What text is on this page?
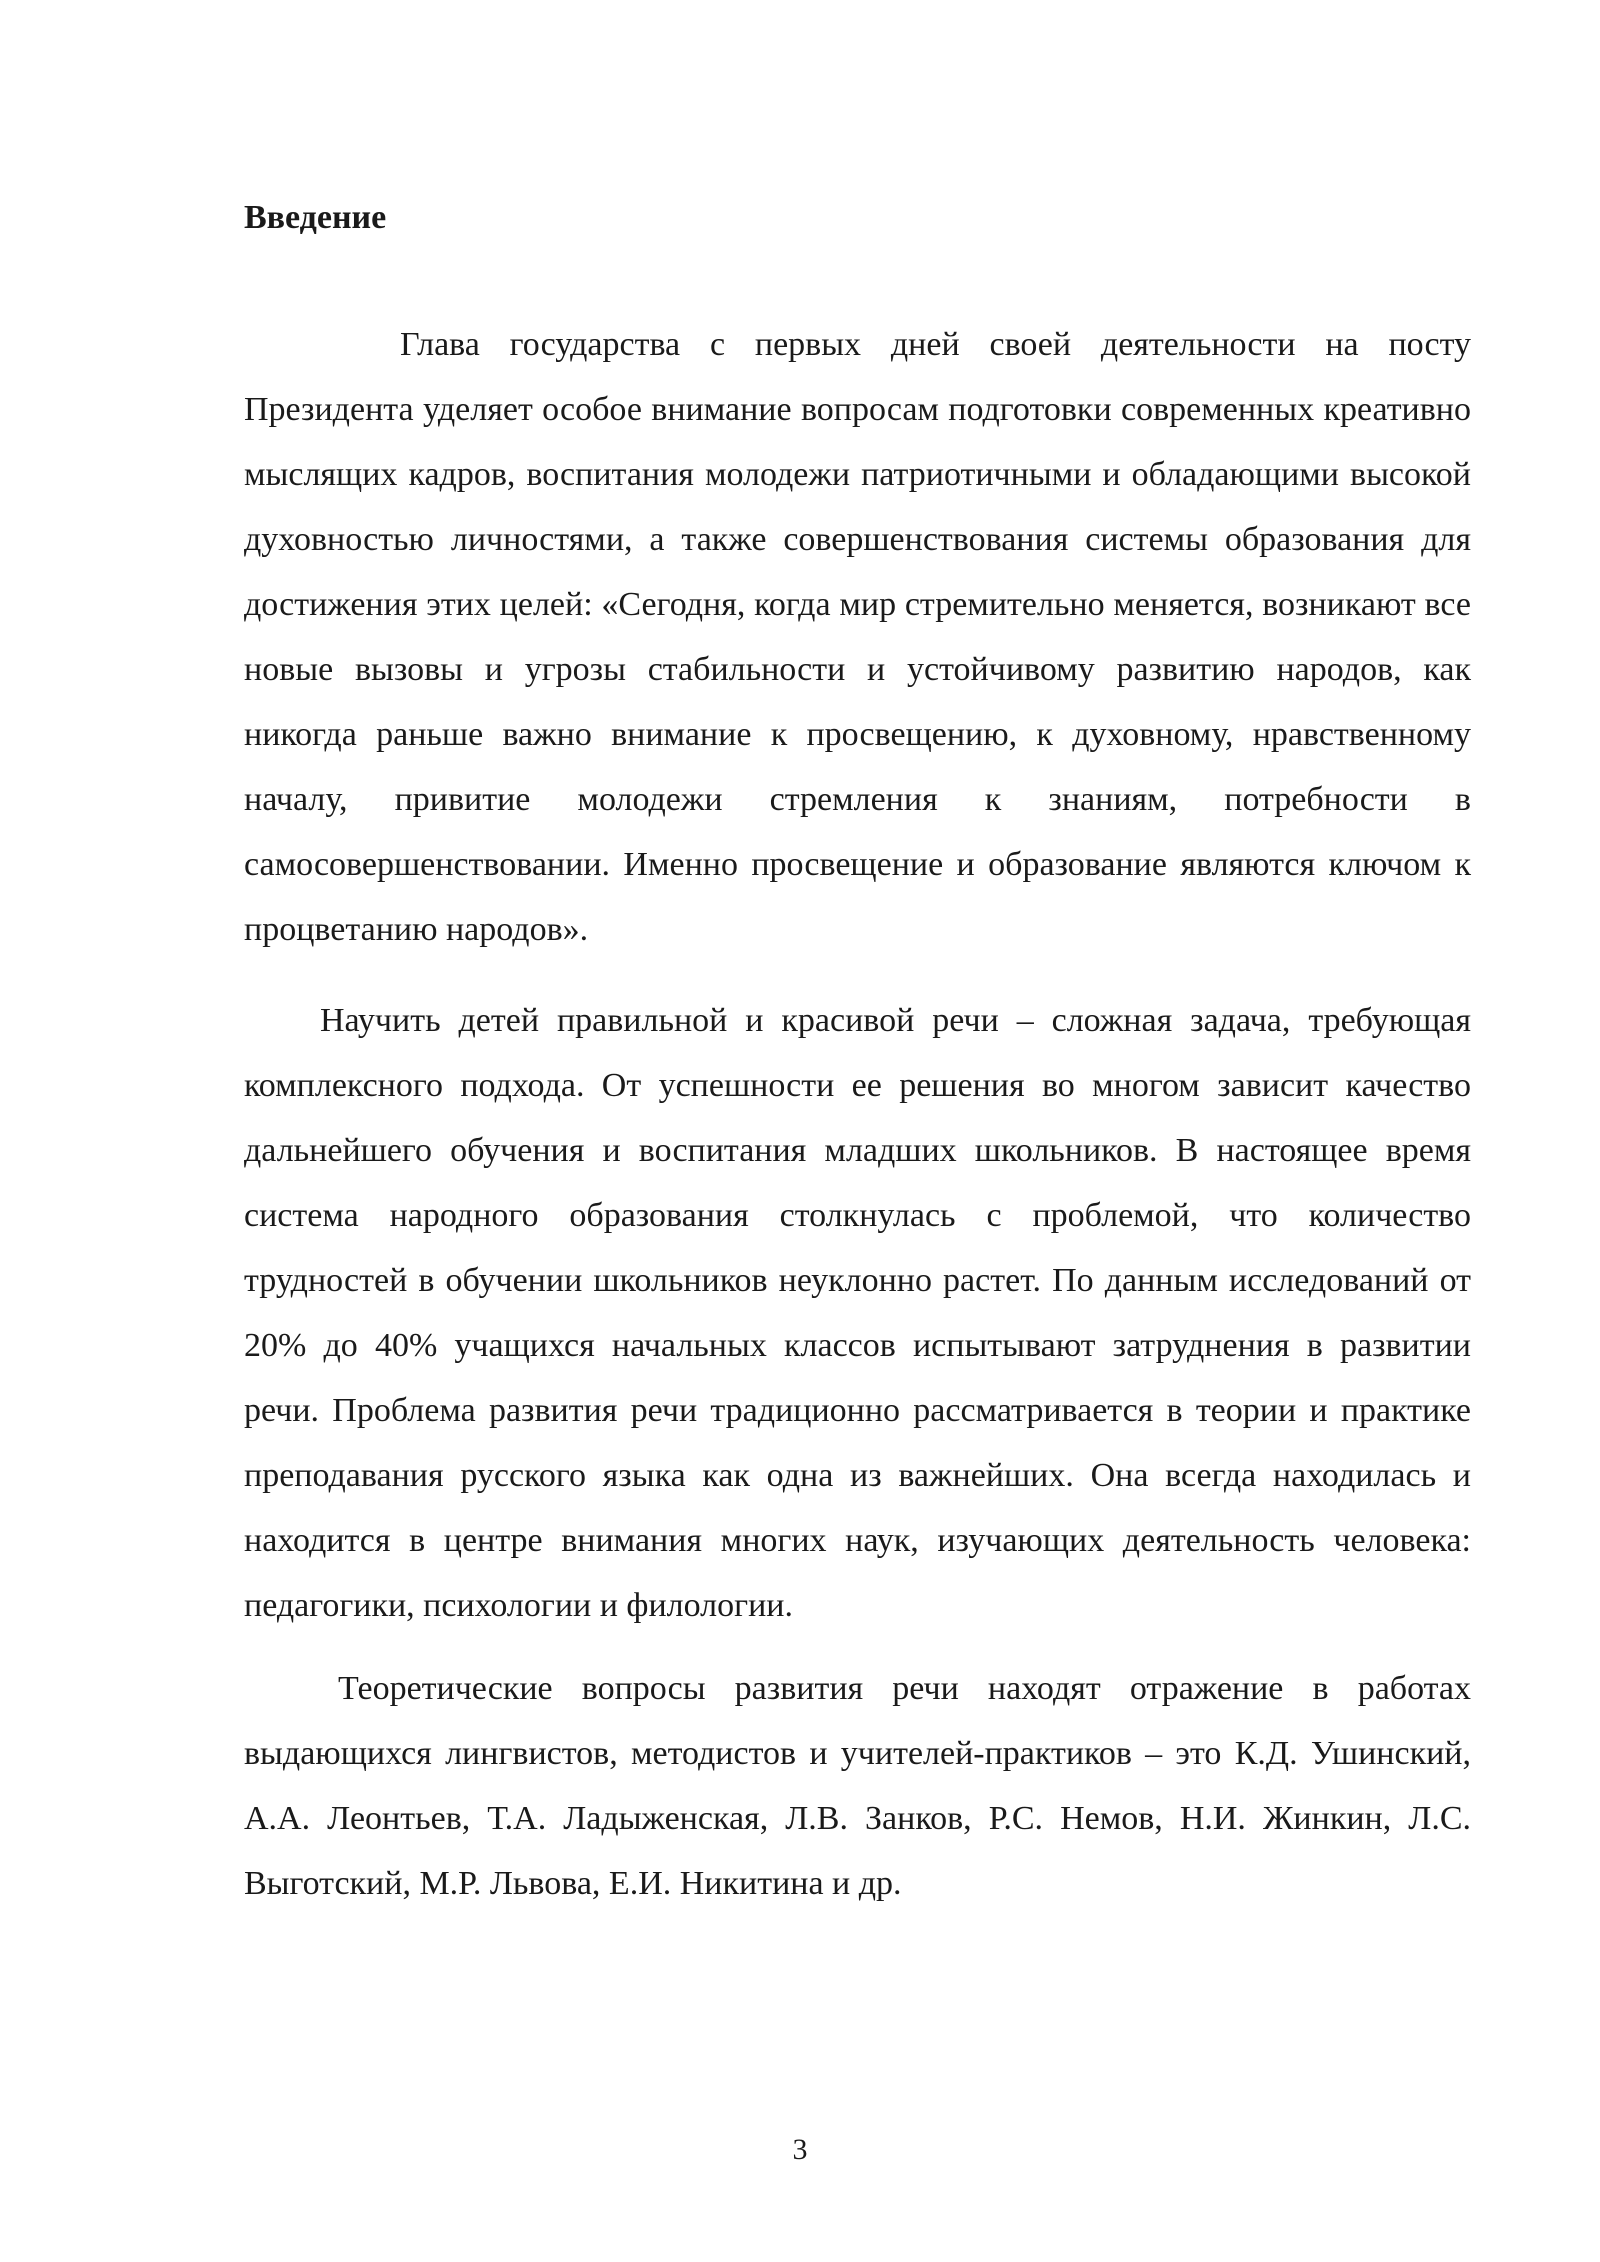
Введение

Глава государства с первых дней своей деятельности на посту Президента уделяет особое внимание вопросам подготовки современных креативно мыслящих кадров, воспитания молодежи патриотичными и обладающими высокой духовностью личностями, а также совершенствования системы образования для достижения этих целей: «Сегодня, когда мир стремительно меняется, возникают все новые вызовы и угрозы стабильности и устойчивому развитию народов, как никогда раньше важно внимание к просвещению, к духовному, нравственному началу, привитие молодежи стремления к знаниям, потребности в самосовершенствовании. Именно просвещение и образование являются ключом к процветанию народов».

Научить детей правильной и красивой речи – сложная задача, требующая комплексного подхода. От успешности ее решения во многом зависит качество дальнейшего обучения и воспитания младших школьников. В настоящее время система народного образования столкнулась с проблемой, что количество трудностей в обучении школьников неуклонно растет. По данным исследований от 20% до 40% учащихся начальных классов испытывают затруднения в развитии речи. Проблема развития речи традиционно рассматривается в теории и практике преподавания русского языка как одна из важнейших. Она всегда находилась и находится в центре внимания многих наук, изучающих деятельность человека: педагогики, психологии и филологии.

Теоретические вопросы развития речи находят отражение в работах выдающихся лингвистов, методистов и учителей-практиков – это К.Д. Ушинский, А.А. Леонтьев, Т.А. Ладыженская, Л.В. Занков, Р.С. Немов, Н.И. Жинкин, Л.С. Выготский, М.Р. Львова, Е.И. Никитина и др.

3
